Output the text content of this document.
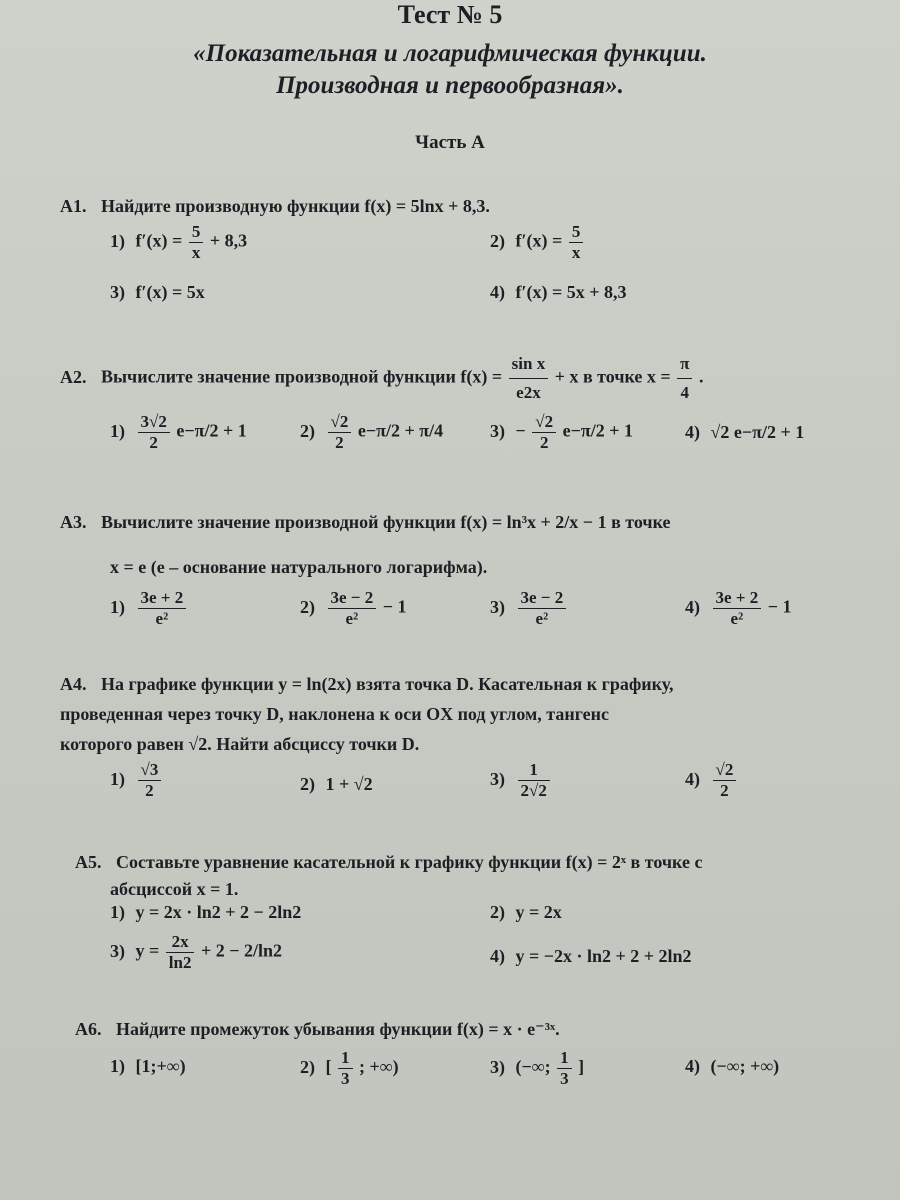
Тест № 5
«Показательная и логарифмическая функции.
Производная и первообразная».
Часть А
А1. Найдите производную функции f(x) = 5lnx + 8,3.
1) $f'(x) = \frac{5}{x} + 8,3$	2) $f'(x) = \frac{5}{x}$
3) f′(x) = 5x	4) f′(x) = 5x + 8,3
А2. Вычислите значение производной функции $f(x) = \frac{\text{sin x}}{e2x} + x$ в точке $x = \frac{\pi}{4}$ .
$1) \frac{3√2}{2} e-\pi/2 + 1$	$2) \frac{√2}{2} e-\pi/2 + \pi/4$	$3) - \frac{√2}{2} e-\pi/2 + 1$	4) √2 e−π/2 + 1
А3. Вычислите значение производной функции f(x) = ln³x + 2/x − 1 в точке
x = e (e – основание натурального логарифма).
$1) \frac{3e + 2}{\text{e²}}$	$2) \frac{3e - 2}{\text{e²}} - 1$	$3) \frac{3e - 2}{\text{e²}}$	$4) \frac{3e + 2}{\text{e²}} - 1$
А4. На графике функции y = ln(2x) взята точка D. Касательная к графику,
проведенная через точку D, наклонена к оси OX под углом, тангенс
которого равен √2. Найти абсциссу точки D.
$1) \frac{√3}{2}$	2) 1 + √2	$3) \frac{1}{2√2}$	$4) \frac{√2}{2}$
А5. Составьте уравнение касательной к графику функции f(x) = 2ˣ в точке с
абсциссой x = 1.
1) y = 2x · ln2 + 2 − 2ln2	2) y = 2x
3) $y = \frac{2x}{\ln 2} + 2 - 2/\ln 2$	4) y = −2x · ln2 + 2 + 2ln2
А6. Найдите промежуток убывания функции f(x) = x · e⁻³ˣ.
1) [1;+∞)	2) [ $\frac{1}{3}$ ; +∞)	3) (−∞; $\frac{1}{3}$ ]	4) (−∞; +∞)
